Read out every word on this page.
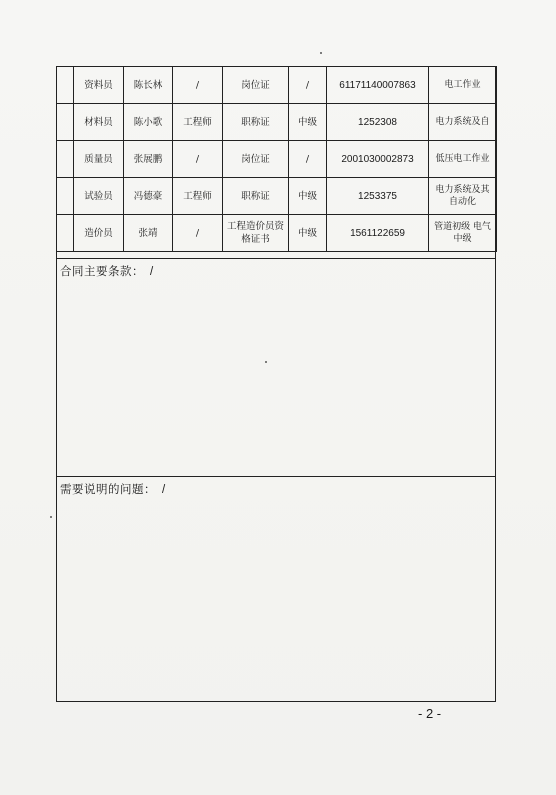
	资料员	陈长林	/	岗位证	/	61171140007863	电工作业
	材料员	陈小歌	工程师	职称证	中级	1252308	电力系统及自
	质量员	张展鹏	/	岗位证	/	2001030002873	低压电工作业
	试验员	冯德豪	工程师	职称证	中级	1253375	电力系统及其自动化
	造价员	张靖	/	工程造价员资格证书	中级	1561122659	管道初级 电气中级
合同主要条款： /
需要说明的问题： /
- 2 -
